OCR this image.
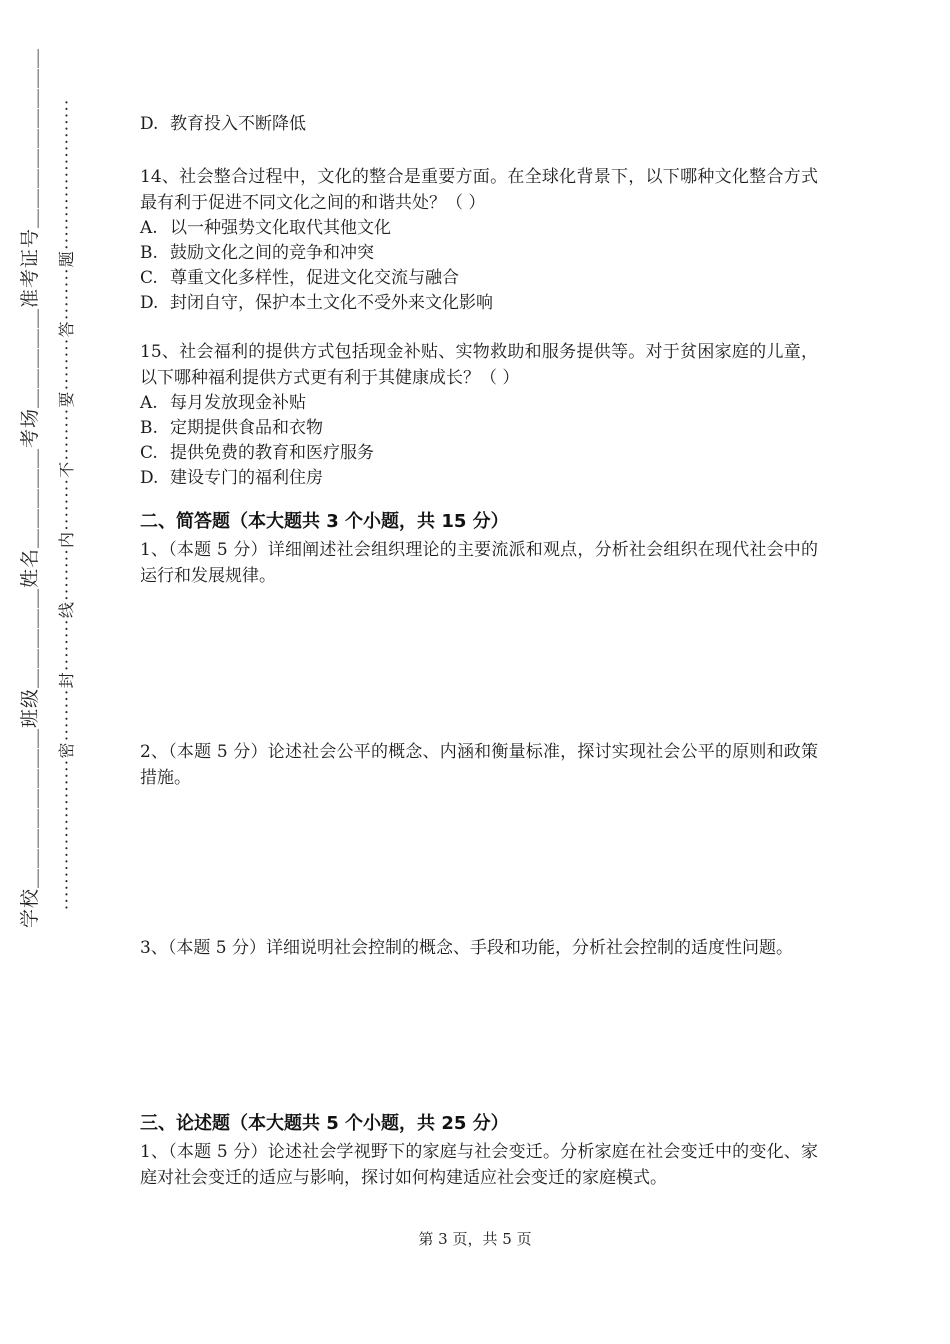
学校＿＿＿＿＿＿＿＿班级＿＿＿＿＿姓名＿＿＿＿＿考场＿＿＿＿＿准考证号＿＿＿＿＿＿＿＿＿	·······················密········封········线········内········不········要········答········题·······················	D. 教育投入不断降低

14、社会整合过程中，文化的整合是重要方面。在全球化背景下，以下哪种文化整合方式最有利于促进不同文化之间的和谐共处？（ ）

A. 以一种强势文化取代其他文化
B. 鼓励文化之间的竞争和冲突
C. 尊重文化多样性，促进文化交流与融合
D. 封闭自守，保护本土文化不受外来文化影响

15、社会福利的提供方式包括现金补贴、实物救助和服务提供等。对于贫困家庭的儿童，以下哪种福利提供方式更有利于其健康成长？（ ）

A. 每月发放现金补贴
B. 定期提供食品和衣物
C. 提供免费的教育和医疗服务
D. 建设专门的福利住房
二、简答题（本大题共 3 个小题，共 15 分）

1、（本题 5 分）详细阐述社会组织理论的主要流派和观点，分析社会组织在现代社会中的运行和发展规律。

2、（本题 5 分）论述社会公平的概念、内涵和衡量标准，探讨实现社会公平的原则和政策措施。

3、（本题 5 分）详细说明社会控制的概念、手段和功能，分析社会控制的适度性问题。

三、论述题（本大题共 5 个小题，共 25 分）

1、（本题 5 分）论述社会学视野下的家庭与社会变迁。分析家庭在社会变迁中的变化、家庭对社会变迁的适应与影响，探讨如何构建适应社会变迁的家庭模式。

第 3 页，共 5 页
